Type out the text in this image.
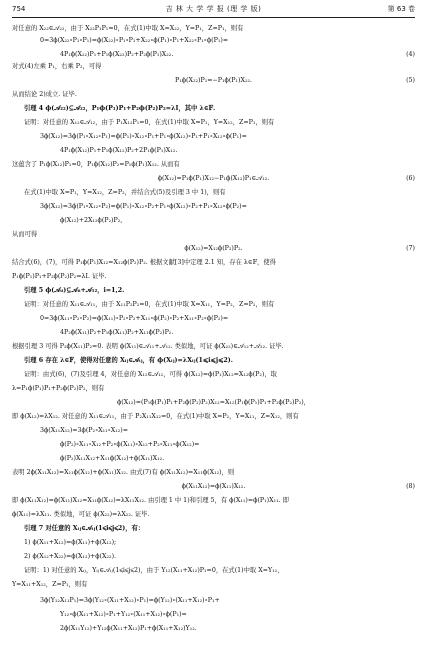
754	吉 林 大 学 学 报 (理 学 版)	第 63 卷
对任意的 X₂₂∈𝒜₂₂，由于 X₂₂P₁P₁=0，在式(1)中取 X=X₂₂，Y=P₁，Z=P₁，则有
0=3ϕ(X₂₂∘P₁∘P₁)=ϕ(X₂₂)∘P₁∘P₁+X₂₂∘ϕ(P₁)∘P₁+X₂₂∘P₁∘ϕ(P₁)=
4P₁ϕ(X₂₂)P₁+P₁ϕ(X₂₂)P₂+P₂ϕ(P₁)X₂₂.	(4)
对式(4)左乘 P₁，右乘 P₂，可得
P₁ϕ(X₂₂)P₂=−P₁ϕ(P₁)X₂₂.	(5)
从而结论 2)成立. 证毕.
引理 4 ϕ(𝒜₂₂)⊆𝒜₂₂，P₁ϕ(P₁)P₁+P₂ϕ(P₂)P₂=λI，其中 λ∈𝔽.
证明：对任意的 X₁₂∈𝒜₁₂，由于 P₁X₁₂P₁=0，在式(1)中取 X=P₁，Y=X₁₂，Z=P₁，则有
3ϕ(X₁₂)=3ϕ(P₁∘X₁₂∘P₁)=ϕ(P₁)∘X₁₂∘P₁+P₁∘ϕ(X₁₂)∘P₁+P₁∘X₁₂∘ϕ(P₁)=
4P₁ϕ(X₁₂)P₁+P₁ϕ(X₁₂)P₂+2P₁ϕ(P₁)X₁₂.
这蕴含了 P₁ϕ(X₁₂)P₁=0，P₁ϕ(X₁₂)P₂=P₁ϕ(P₁)X₁₂. 从而有
ϕ(X₁₂)=P₁ϕ(P₁)X₁₂−P₁ϕ(X₁₂)P₁∈𝒜₁₂.	(6)
在式(1)中取 X=P₁，Y=X₁₂，Z=P₂，并结合式(5)及引理 3 中 1)，则有
3ϕ(X₁₂)=3ϕ(P₁∘X₁₂∘P₂)=ϕ(P₁)∘X₁₂∘P₂+P₁∘ϕ(X₁₂)∘P₂+P₁∘X₁₂∘ϕ(P₂)=
ϕ(X₁₂)+2X₁₂ϕ(P₂)P₂,
从而可得
ϕ(X₁₂)=X₁₂ϕ(P₂)P₂.	(7)
结合式(6)，(7)，可得 P₁ϕ(P₁)X₁₂=X₁₂ϕ(P₂)P₂. 根据文献[3]中定理 2.1 知，存在 λ∈𝔽，使得
P₁ϕ(P₁)P₁+P₂ϕ(P₂)P₂=λI. 证毕.
引理 5 ϕ(𝒜ᵢᵢ)⊆𝒜ᵢᵢ+𝒜₁₂，i=1,2.
证明：对任意的 X₁₁∈𝒜₁₁，由于 X₁₁P₂P₂=0，在式(1)中取 X=X₁₁，Y=P₂，Z=P₂，则有
0=3ϕ(X₁₁∘P₂∘P₂)=ϕ(X₁₁)∘P₂∘P₂+X₁₁∘ϕ(P₂)∘P₂+X₁₁∘P₂∘ϕ(P₂)=
4P₂ϕ(X₁₁)P₂+P₁ϕ(X₁₁)P₂+X₁₁ϕ(P₂)P₂.
根据引理 3 可得 P₂ϕ(X₁₁)P₂=0. 表明 ϕ(X₁₁)∈𝒜₁₁+𝒜₁₂. 类似地，可证 ϕ(X₂₂)∈𝒜₁₂+𝒜₂₂. 证毕.
引理 6 存在 λ∈𝔽，使得对任意的 Xᵢⱼ∈𝒜ᵢⱼ，有 ϕ(Xᵢⱼ)=λXᵢⱼ(1⩽i⩽j⩽2).
证明：由式(6)，(7)及引理 4，对任意的 X₁₂∈𝒜₁₂，可得 ϕ(X₁₂)=ϕ(P₁)X₁₂=X₁₂ϕ(P₂)，取
λ=P₁ϕ(P₁)P₁+P₂ϕ(P₂)P₂，则有
ϕ(X₁₂)=(P₁ϕ(P₁)P₁+P₂ϕ(P₂)P₂)X₁₂=X₁₂(P₁ϕ(P₁)P₁+P₂ϕ(P₂)P₂)，
即 ϕ(X₁₂)=λX₁₂. 对任意的 X₁₁∈𝒜₁₁，由于 P₂X₁₁X₁₂=0，在式(1)中取 X=P₂，Y=X₁₁，Z=X₁₂，则有
3ϕ(X₁₁X₁₂)=3ϕ(P₂∘X₁₁∘X₁₂)=
ϕ(P₂)∘X₁₁∘X₁₂+P₂∘ϕ(X₁₁)∘X₁₂+P₂∘X₁₁∘ϕ(X₁₂)=
ϕ(P₂)X₁₁X₁₂+X₁₁ϕ(X₁₂)+ϕ(X₁₁)X₁₂.
表明 2ϕ(X₁₁X₁₂)=X₁₁ϕ(X₁₂)+ϕ(X₁₁)X₁₂. 由式(7)有 ϕ(X₁₁X₁₂)=X₁₁ϕ(X₁₂)，则
ϕ(X₁₁X₁₂)=ϕ(X₁₁)X₁₂.	(8)
即 ϕ(X₁₁X₁₂)=ϕ(X₁₁)X₁₂=X₁₁ϕ(X₁₂)=λX₁₁X₁₂. 由引理 1 中 1)和引理 5，有 ϕ(X₁₁)=ϕ(P₁)X₁₁. 即
ϕ(X₁₁)=λX₁₁. 类似地，可证 ϕ(X₂₂)=λX₂₂. 证毕.
引理 7 对任意的 Xᵢⱼ∈𝒜ᵢⱼ(1⩽i⩽j⩽2)，有：
1) ϕ(X₁₁+X₁₂)=ϕ(X₁₁)+ϕ(X₁₂);
2) ϕ(X₁₂+X₂₂)=ϕ(X₁₂)+ϕ(X₂₂).
证明：1) 对任意的 Xᵢⱼ，Yᵢⱼ∈𝒜ᵢⱼ(1⩽i⩽j⩽2)，由于 Y₁₂(X₁₁+X₁₂)P₁=0，在式(1)中取 X=Y₁₂，
Y=X₁₁+X₁₂，Z=P₁，则有
3ϕ(Y₁₂X₁₁P₁)=3ϕ(Y₁₂∘(X₁₁+X₁₂)∘P₁)=ϕ(Y₁₂)∘(X₁₁+X₁₂)∘P₁+
Y₁₂∘ϕ(X₁₁+X₁₂)∘P₁+Y₁₂∘(X₁₁+X₁₂)∘ϕ(P₁)=
2ϕ(X₁₁Y₁₂)+Y₁₂ϕ(X₁₁+X₁₂)P₁+ϕ(X₁₁+X₁₂)Y₁₂.
